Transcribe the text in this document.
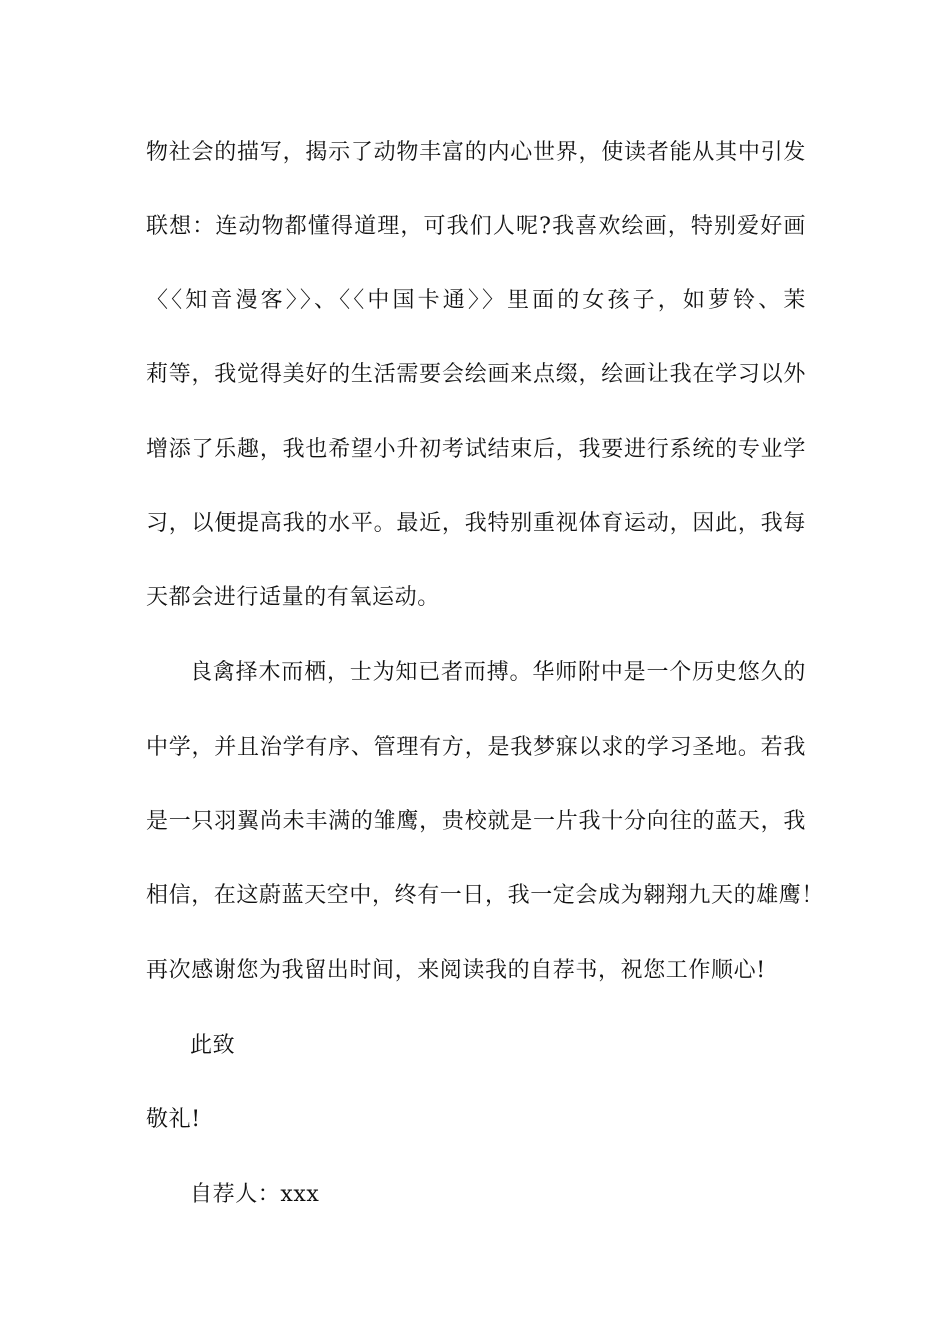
物社会的描写，揭示了动物丰富的内心世界，使读者能从其中引发
联想：连动物都懂得道理，可我们人呢?我喜欢绘画，特别爱好画
〈〈知音漫客〉〉、〈〈中国卡通〉〉里面的女孩子，如萝铃、茉
莉等，我觉得美好的生活需要会绘画来点缀，绘画让我在学习以外
增添了乐趣，我也希望小升初考试结束后，我要进行系统的专业学
习，以便提高我的水平。最近，我特别重视体育运动，因此，我每
天都会进行适量的有氧运动。
良禽择木而栖，士为知已者而搏。华师附中是一个历史悠久的
中学，并且治学有序、管理有方，是我梦寐以求的学习圣地。若我
是一只羽翼尚未丰满的雏鹰，贵校就是一片我十分向往的蓝天，我
相信，在这蔚蓝天空中，终有一日，我一定会成为翱翔九天的雄鹰！
再次感谢您为我留出时间，来阅读我的自荐书，祝您工作顺心!
此致
敬礼!
自荐人：xxx
